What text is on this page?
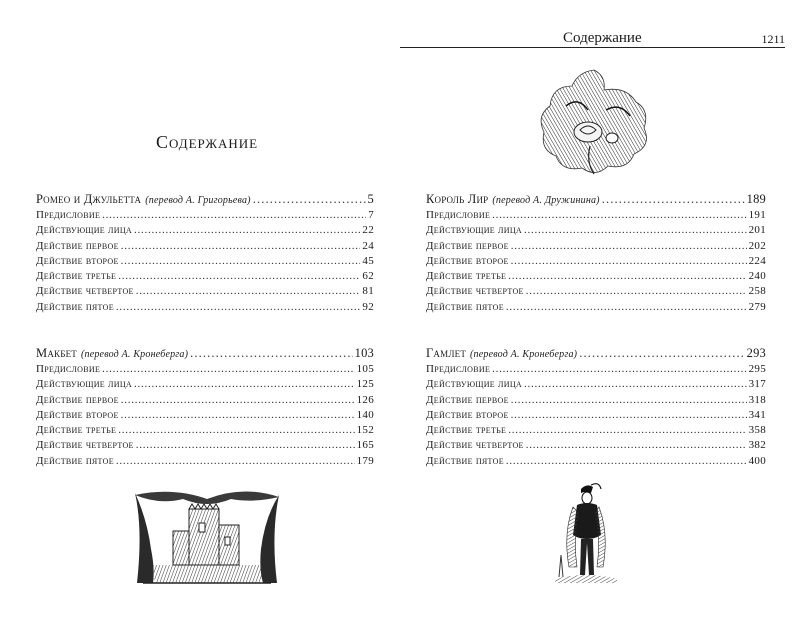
Содержание
Ромео и Джульетта (перевод А. Григорьева) . . .	5
Предисловие . . .	7
Действующие лица . . .	22
Действие первое . . .	24
Действие второе . . .	45
Действие третье . . .	62
Действие четвертое . . .	81
Действие пятое . . .	92
Макбет (перевод А. Кронеберга) . . .	103
Предисловие . . .	105
Действующие лица . . .	125
Действие первое . . .	126
Действие второе . . .	140
Действие третье . . .	152
Действие четвертое . . .	165
Действие пятое . . .	179
Содержание	1211
Король Лир (перевод А. Дружинина) . . .	189
Предисловие . . .	191
Действующие лица . . .	201
Действие первое . . .	202
Действие второе . . .	224
Действие третье . . .	240
Действие четвертое . . .	258
Действие пятое . . .	279
Гамлет (перевод А. Кронеберга) . . .	293
Предисловие . . .	295
Действующие лица . . .	317
Действие первое . . .	318
Действие второе . . .	341
Действие третье . . .	358
Действие четвертое . . .	382
Действие пятое . . .	400
